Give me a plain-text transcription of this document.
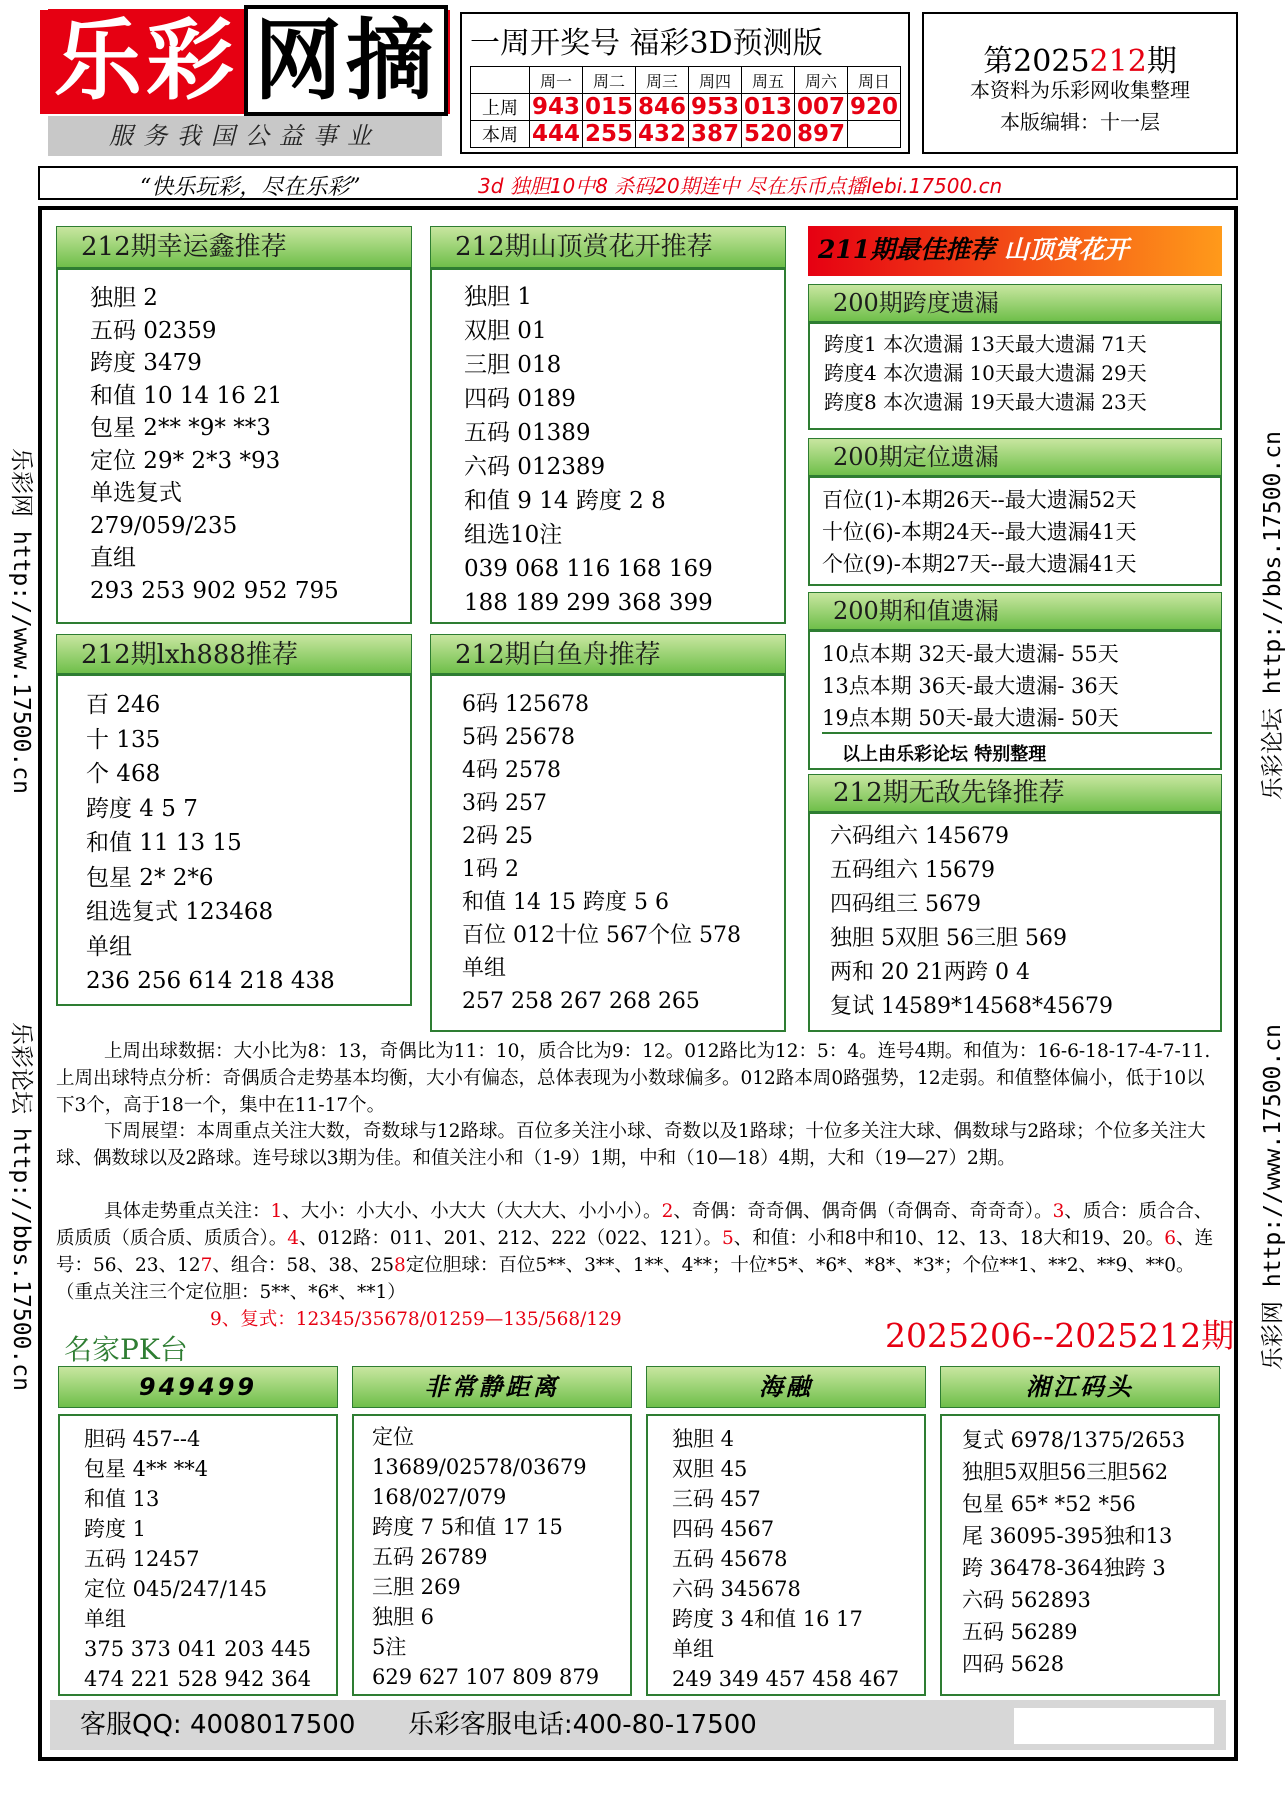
乐彩 网摘
服务我国公益事业
一周开奖号 福彩3D预测版
	周一	周二	周三	周四	周五	周六	周日
上周	943	015	846	953	013	007	920
本周	444	255	432	387	520	897	
第2025212期
本资料为乐彩网收集整理
本版编辑：十一层
“快乐玩彩，尽在乐彩”	3d 独胆10中8 杀码20期连中 尽在乐币点播lebi.17500.cn
乐彩网 http://www.17500.cn
乐彩论坛 http://bbs.17500.cn
乐彩论坛 http://bbs.17500.cn
乐彩网 http://www.17500.cn
212期幸运鑫推荐
独胆 2
五码 02359
跨度 3479
和值 10 14 16 21
包星 2** *9* **3
定位 29* 2*3 *93
单选复式
279/059/235
直组
293 253 902 952 795
212期山顶赏花开推荐
独胆 1
双胆 01
三胆 018
四码 0189
五码 01389
六码 012389
和值 9 14 跨度 2 8
组选10注
039 068 116 168 169
188 189 299 368 399
212期lxh888推荐
百 246
十 135
个 468
跨度 4 5 7
和值 11 13 15
包星 2* 2*6
组选复式 123468
单组
236 256 614 218 438
212期白鱼舟推荐
6码 125678
5码 25678
4码 2578
3码 257
2码 25
1码 2
和值 14 15 跨度 5 6
百位 012十位 567个位 578
单组
257 258 267 268 265
211期最佳推荐 山顶赏花开
200期跨度遗漏
跨度1 本次遗漏 13天最大遗漏 71天
跨度4 本次遗漏 10天最大遗漏 29天
跨度8 本次遗漏 19天最大遗漏 23天
200期定位遗漏
百位(1)-本期26天--最大遗漏52天
十位(6)-本期24天--最大遗漏41天
个位(9)-本期27天--最大遗漏41天
200期和值遗漏
10点本期 32天-最大遗漏- 55天
13点本期 36天-最大遗漏- 36天
19点本期 50天-最大遗漏- 50天
以上由乐彩论坛 特别整理
212期无敌先锋推荐
六码组六 145679
五码组六 15679
四码组三 5679
独胆 5双胆 56三胆 569
两和 20 21两跨 0 4
复试 14589*14568*45679
上周出球数据：大小比为8：13，奇偶比为11：10，质合比为9：12。012路比为12：5：4。连号4期。和值为：16-6-18-17-4-7-11.上周出球特点分析：奇偶质合走势基本均衡，大小有偏态，总体表现为小数球偏多。012路本周0路强势，12走弱。和值整体偏小，低于10以下3个，高于18一个，集中在11-17个。
下周展望：本周重点关注大数，奇数球与12路球。百位多关注小球、奇数以及1路球；十位多关注大球、偶数球与2路球；个位多关注大球、偶数球以及2路球。连号球以3期为佳。和值关注小和（1-9）1期，中和（10—18）4期，大和（19—27）2期。
具体走势重点关注：1、大小：小大小、小大大（大大大、小小小）。2、奇偶：奇奇偶、偶奇偶（奇偶奇、奇奇奇）。3、质合：质合合、质质质（质合质、质质合）。4、012路：011、201、212、222（022、121）。5、和值：小和8中和10、12、13、18大和19、20。6、连号：56、23、127、组合：58、38、258定位胆球：百位5**、3**、1**、4**；十位*5*、*6*、*8*、*3*；个位**1、**2、**9、**0。（重点关注三个定位胆：5**、*6*、**1）
9、复式：12345/35678/01259—135/568/129
名家PK台	2025206--2025212期
949499
胆码 457--4
包星 4** **4
和值 13
跨度 1
五码 12457
定位 045/247/145
单组
375 373 041 203 445
474 221 528 942 364
非常静距离
定位
13689/02578/03679
168/027/079
跨度 7 5和值 17 15
五码 26789
三胆 269
独胆 6
5注
629 627 107 809 879
海融
独胆 4
双胆 45
三码 457
四码 4567
五码 45678
六码 345678
跨度 3 4和值 16 17
单组
249 349 457 458 467
湘江码头
复式 6978/1375/2653
独胆5双胆56三胆562
包星 65* *52 *56
尾 36095-395独和13
跨 36478-364独跨 3
六码 562893
五码 56289
四码 5628
客服QQ: 4008017500 乐彩客服电话:400-80-17500
